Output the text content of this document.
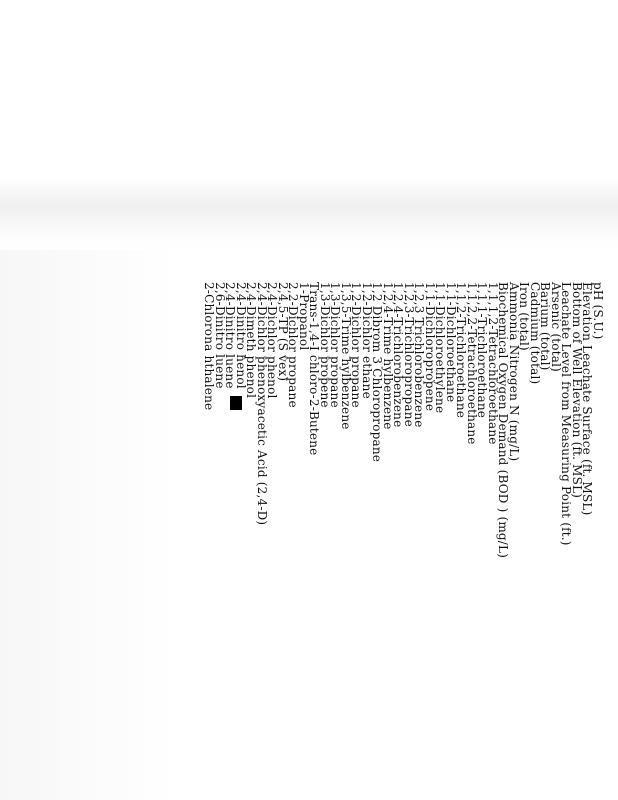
pH (S.U.)
Elevation Leachate Surface (ft. MSL)
Bottom of Well Elevation (ft. MSL)
Leachate Level from Measuring Point (ft.)
Arsenic (total)
Barium (total)
Cadmium (total)
Iron (total)
Ammonia Nitrogen N (mg/L)
Biochemical Oxygen Demand (BOD ) (mg/L)
1,1,1,2-Tetrachloroethane
1,1,1-Trichloroethane
1,1,2,2-Tetrachloroethane
1,1,2-Trichloroethane
1,1-Dichloroethane
1,1-Dichloroethylene
1,1-Dichloropropene
1,2,3 Trichlorobenzene
1,2,3-Trichloropropane
1,2,4-Trichlorobenzene
1,2,4-Trime hylbenzene
1,2 Dibrom 3 Chloropropane
1,2-Dichlor ethane
1,2-Dichlor propane
1,3,5-Trime hylbenzene
1,3-Dichlor propane
1,3-Dichlor propene
Trans-1,4-I chloro-2-Butene
1-Propanol
2,2-Dichlor propane
2,4,5-TP (S vex)
2,4-Dichlor phenol
2,4-Dichlor phenoxyacetic Acid (2,4-D)
2,4-Dimeth phenol
2,4-Dinitro henol
2,4-Dinitro luene
2,6-Dinitro luene
2-Chlorona hthalene
